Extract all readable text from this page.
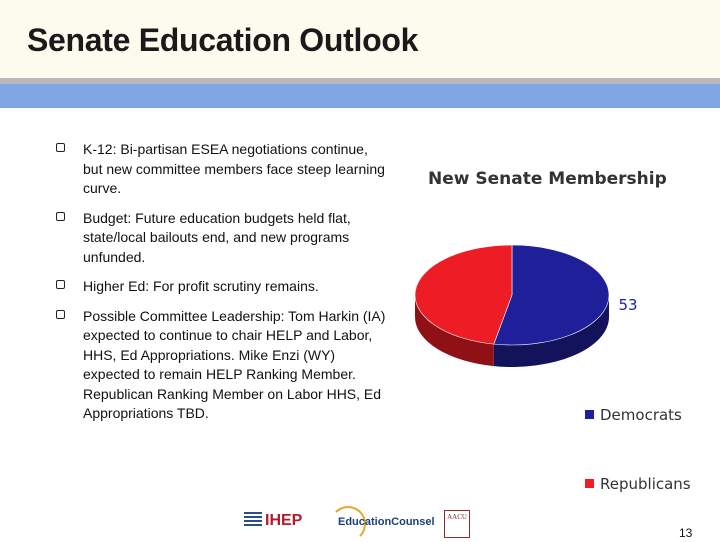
Senate Education Outlook
K-12: Bi-partisan ESEA negotiations continue, but new committee members face steep learning curve.
Budget: Future education budgets held flat, state/local bailouts end, and new programs unfunded.
Higher Ed: For profit scrutiny remains.
Possible Committee Leadership: Tom Harkin (IA) expected to continue to chair HELP and Labor, HHS, Ed Appropriations. Mike Enzi (WY) expected to remain HELP Ranking Member. Republican Ranking Member on Labor HHS, Ed Appropriations TBD.
New Senate Membership
53
47
Democrats
Republicans
IHEP	EducationCounsel	AACU
13
